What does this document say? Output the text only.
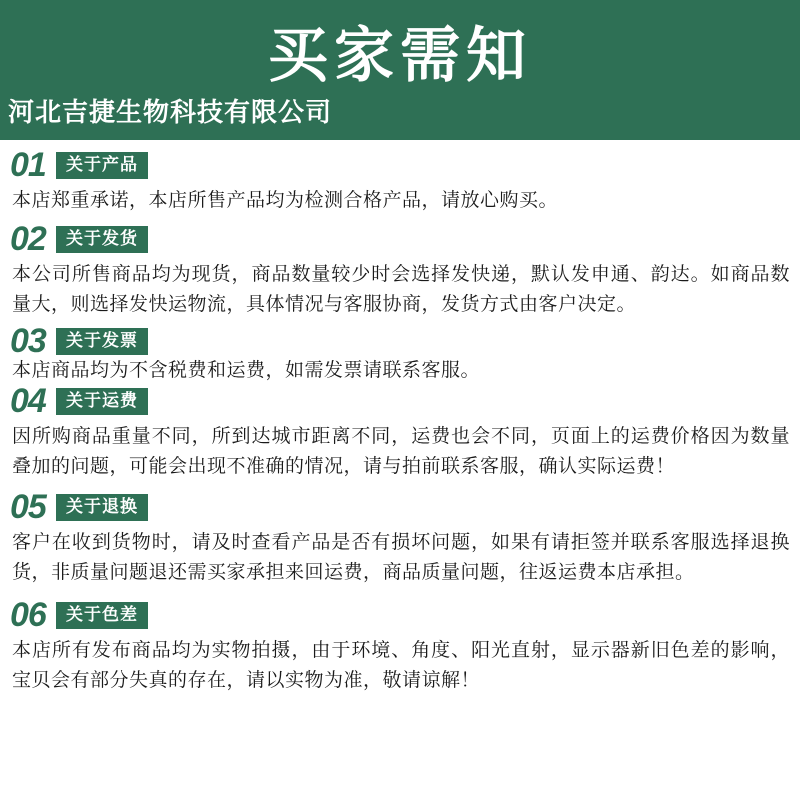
买家需知
河北吉捷生物科技有限公司
01	关于产品
本店郑重承诺，本店所售产品均为检测合格产品，请放心购买。
02	关于发货
本公司所售商品均为现货，商品数量较少时会选择发快递，默认发申通、韵达。如商品数量大，则选择发快运物流，具体情况与客服协商，发货方式由客户决定。
03	关于发票
本店商品均为不含税费和运费，如需发票请联系客服。
04	关于运费
因所购商品重量不同，所到达城市距离不同，运费也会不同，页面上的运费价格因为数量叠加的问题，可能会出现不准确的情况，请与拍前联系客服，确认实际运费！
05	关于退换
客户在收到货物时，请及时查看产品是否有损坏问题，如果有请拒签并联系客服选择退换货，非质量问题退还需买家承担来回运费，商品质量问题，往返运费本店承担。
06	关于色差
本店所有发布商品均为实物拍摄，由于环境、角度、阳光直射，显示器新旧色差的影响，宝贝会有部分失真的存在，请以实物为准，敬请谅解！
